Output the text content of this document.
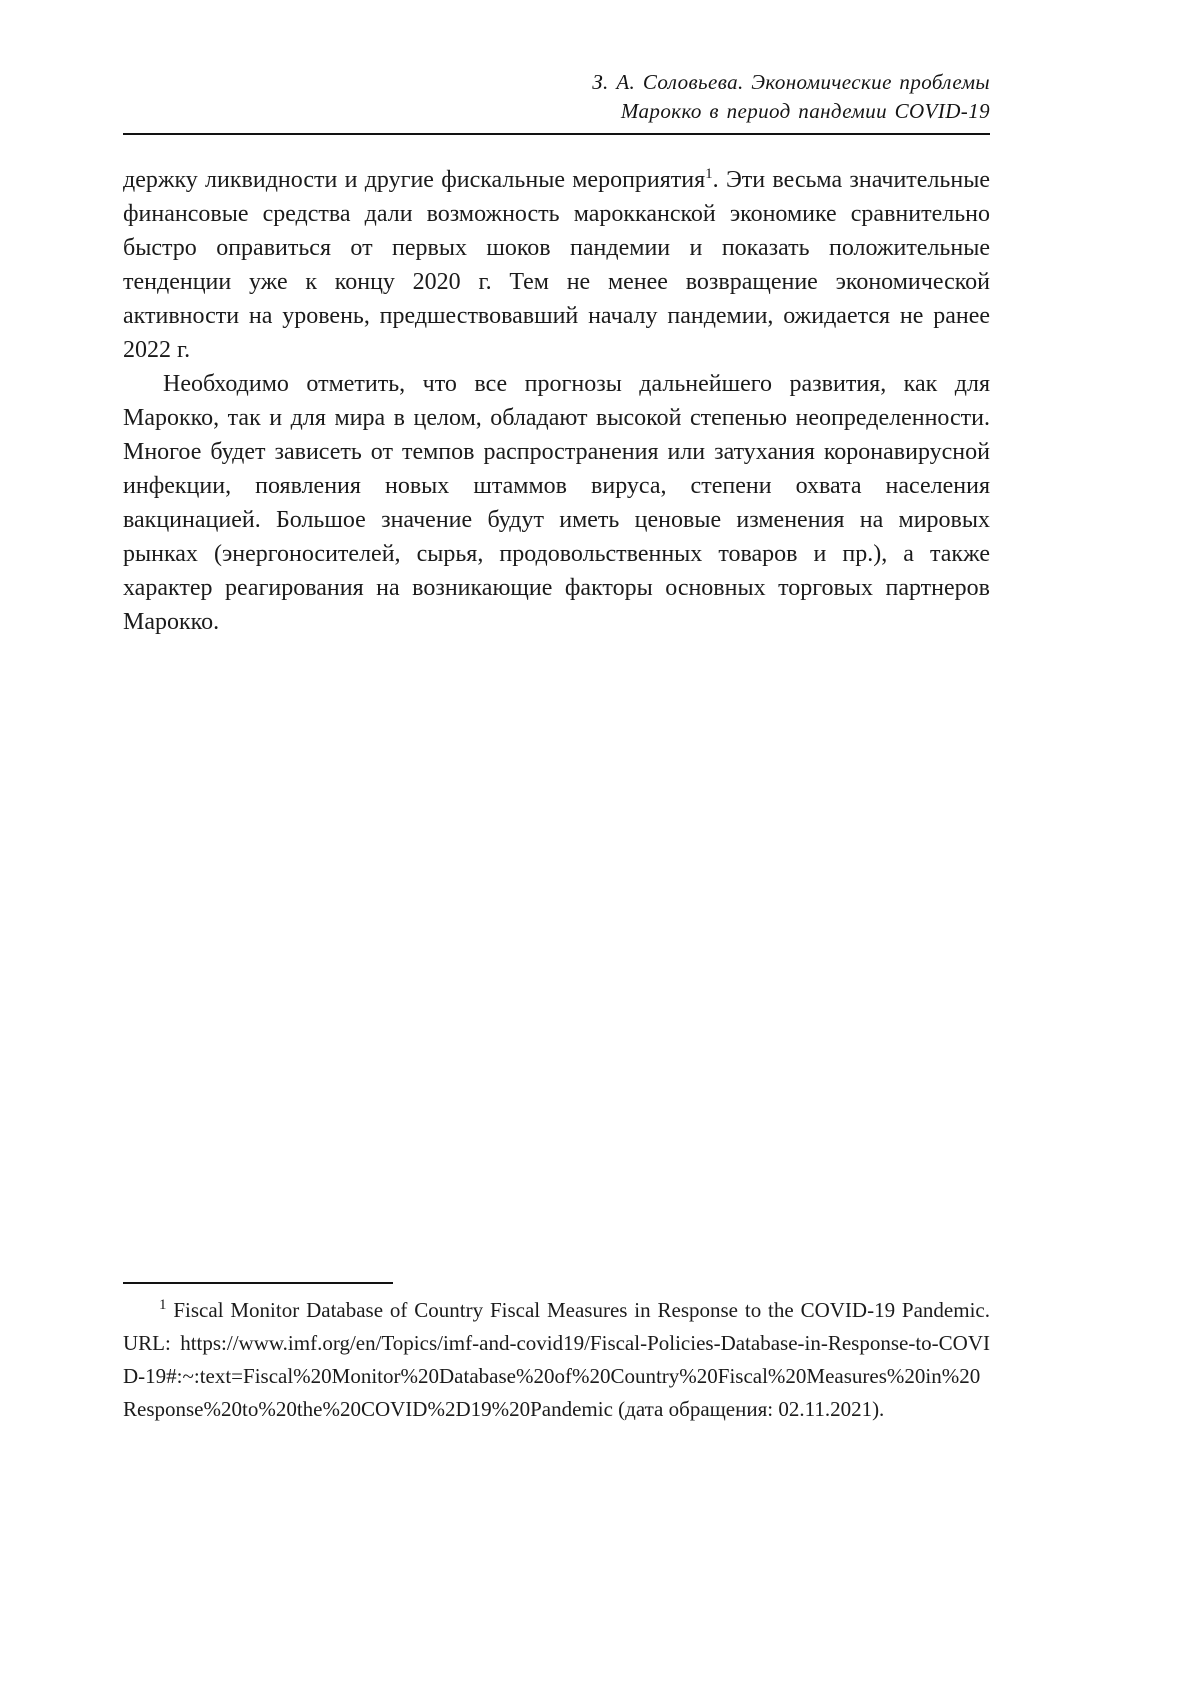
З. А. Соловьева. Экономические проблемы
Марокко в период пандемии COVID-19

держку ликвидности и другие фискальные мероприятия$^1$. Эти весьма значительные финансовые средства дали возможность марокканской экономике сравнительно быстро оправиться от первых шоков пандемии и показать положительные тенденции уже к концу 2020 г. Тем не менее возвращение экономической активности на уровень, предшествовавший началу пандемии, ожидается не ранее 2022 г.

Необходимо отметить, что все прогнозы дальнейшего развития, как для Марокко, так и для мира в целом, обладают высокой степенью неопределенности. Многое будет зависеть от темпов распространения или затухания коронавирусной инфекции, появления новых штаммов вируса, степени охвата населения вакцинацией. Большое значение будут иметь ценовые изменения на мировых рынках (энергоносителей, сырья, продовольственных товаров и пр.), а также характер реагирования на возникающие факторы основных торговых партнеров Марокко.

$^1$ Fiscal Monitor Database of Country Fiscal Measures in Response to the COVID-19 Pandemic. URL: https://www.imf.org/en/Topics/imf-and-covid19/Fiscal-Policies-Database-in-Response-to-COVID-19#:~:text=Fiscal%20Monitor%20Database%20of%20Country%20Fiscal%20Measures%20in%20Response%20to%20the%20COVID%2D19%20Pandemic (дата обращения: 02.11.2021).
